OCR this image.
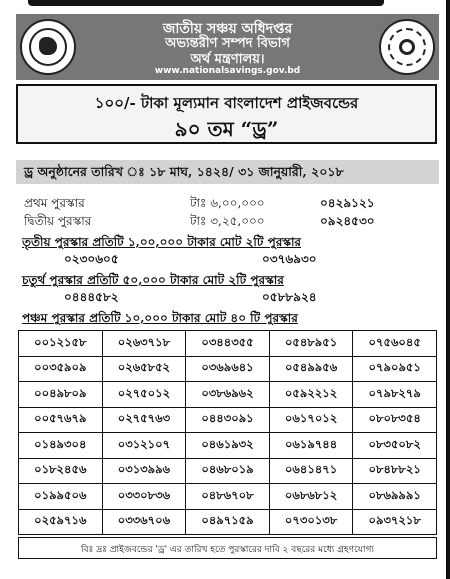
জাতীয় সঞ্চয় অধিদপ্তর
অভ্যন্তরীণ সম্পদ বিভাগ
অর্থ মন্ত্রণালয়।
www.nationalsavings.gov.bd
১০০/- টাকা মূল্যমান বাংলাদেশ প্রাইজবন্ডের
৯০ তম “ড্র”
ড্র অনুষ্ঠানের তারিখ ঃ ১৮ মাঘ, ১৪২৪/ ৩১ জানুয়ারী, ২০১৮
প্রথম পুরস্কার	টাঃ ৬,০০,০০০	০৪২৯১২১
দ্বিতীয় পুরস্কার	টাঃ ৩,২৫,০০০	০৯২৪৫৩০
তৃতীয় পুরস্কার প্রতিটি ১,০০,০০০ টাকার মোট ২টি পুরস্কার
০২৩০৬০৫	০৩৭৬৯৩০
চতুর্থ পুরস্কার প্রতিটি ৫০,০০০ টাকার মোট ২টি পুরস্কার
০৪৪৪৫৮২	০৫৮৮৯২৪
পঞ্চম পুরস্কার প্রতিটি ১০,০০০ টাকার মোট ৪০ টি পুরস্কার
০০১২১৫৮	০২৬৩৭১৮	০৩৪৪৩৫৫	০৫৪৮৯৫১	০৭৫৬০৪৫
০০৩৫৯০৯	০২৬৫৮৫২	০৩৬৯৬৪১	০৫৪৯৯৫৬	০৭৯০৯৫১
০০৪৯৮০৯	০২৭৫০১২	০৩৮৬৯৬২	০৫৯২২১২	০৭৯৮২৭৯
০০৫৭৬৭৯	০২৭৫৭৬৩	০৪৪৩০৯১	০৬১৭০১২	০৮০৮৩৫৪
০১৪৯৩০৪	০৩১২১০৭	০৪৬১৯৩২	০৬১৯৭৪৪	০৮৩৫০৮২
০১৮২৪৫৬	০৩১৩৯৯৬	০৪৬৮০১৯	০৬৪১৪৭১	০৮৪৮৮২১
০১৯৯৫০৬	০৩৩০৮৩৬	০৪৮৬৭০৮	০৬৮৬৮১২	০৮৬৯৯৯১
০২৫৯৭১৬	০৩৩৬৭০৬	০৪৯৭১৫৯	০৭৩০১৩৮	০৯৩৭২১৮
বিঃ দ্রঃ প্রাইজবন্ডের 'ড্র' এর তারিখ হতে পুরস্কারের দাবি ২ বছরের মধ্যে গ্রহণযোগ্য
